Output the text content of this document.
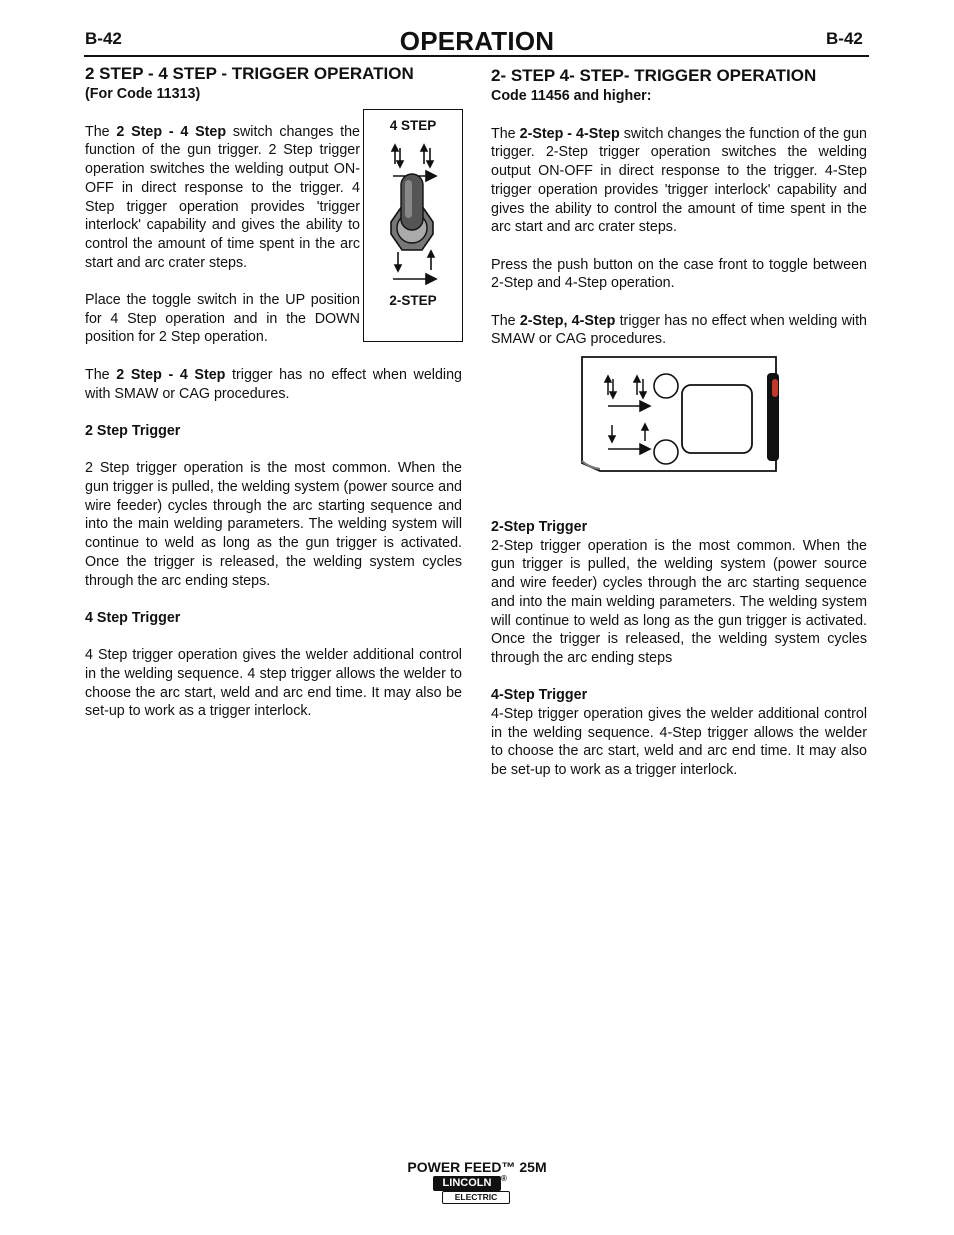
B-42	OPERATION	B-42
2 STEP - 4 STEP - TRIGGER OPERATION
(For Code 11313)

The 2 Step - 4 Step switch changes the function of the gun trigger. 2 Step trigger operation switches the welding output ON-OFF in direct response to the trigger. 4 Step trigger operation provides 'trigger interlock' capability and gives the ability to control the amount of time spent in the arc start and arc crater steps.

Place the toggle switch in the UP position for 4 Step operation and in the DOWN position for 2 Step operation.

The 2 Step - 4 Step trigger has no effect when welding with SMAW or CAG procedures.

2 Step Trigger

2 Step trigger operation is the most common. When the gun trigger is pulled, the welding system (power source and wire feeder) cycles through the arc starting sequence and into the main welding parameters. The welding system will continue to weld as long as the gun trigger is activated. Once the trigger is released, the welding system cycles through the arc ending steps.

4 Step Trigger

4 Step trigger operation gives the welder additional control in the welding sequence. 4 step trigger allows the welder to choose the arc start, weld and arc end time. It may also be set-up to work as a trigger interlock.

4 STEP
2-STEP
2- STEP 4- STEP- TRIGGER OPERATION
Code 11456 and higher:

The 2-Step - 4-Step switch changes the function of the gun trigger. 2-Step trigger operation switches the welding output ON-OFF in direct response to the trigger. 4-Step trigger operation provides 'trigger interlock' capability and gives the ability to control the amount of time spent in the arc start and arc crater steps.

Press the push button on the case front to toggle between 2-Step and 4-Step operation.

The 2-Step, 4-Step trigger has no effect when welding with SMAW or CAG procedures.

2-Step Trigger

2-Step trigger operation is the most common. When the gun trigger is pulled, the welding system (power source and wire feeder) cycles through the arc starting sequence and into the main welding parameters. The welding system will continue to weld as long as the gun trigger is activated. Once the trigger is released, the welding system cycles through the arc ending steps

4-Step Trigger

4-Step trigger operation gives the welder additional control in the welding sequence. 4-Step trigger allows the welder to choose the arc start, weld and arc end time. It may also be set-up to work as a trigger interlock.

POWER FEED™ 25M
LINCOLN	®
ELECTRIC
